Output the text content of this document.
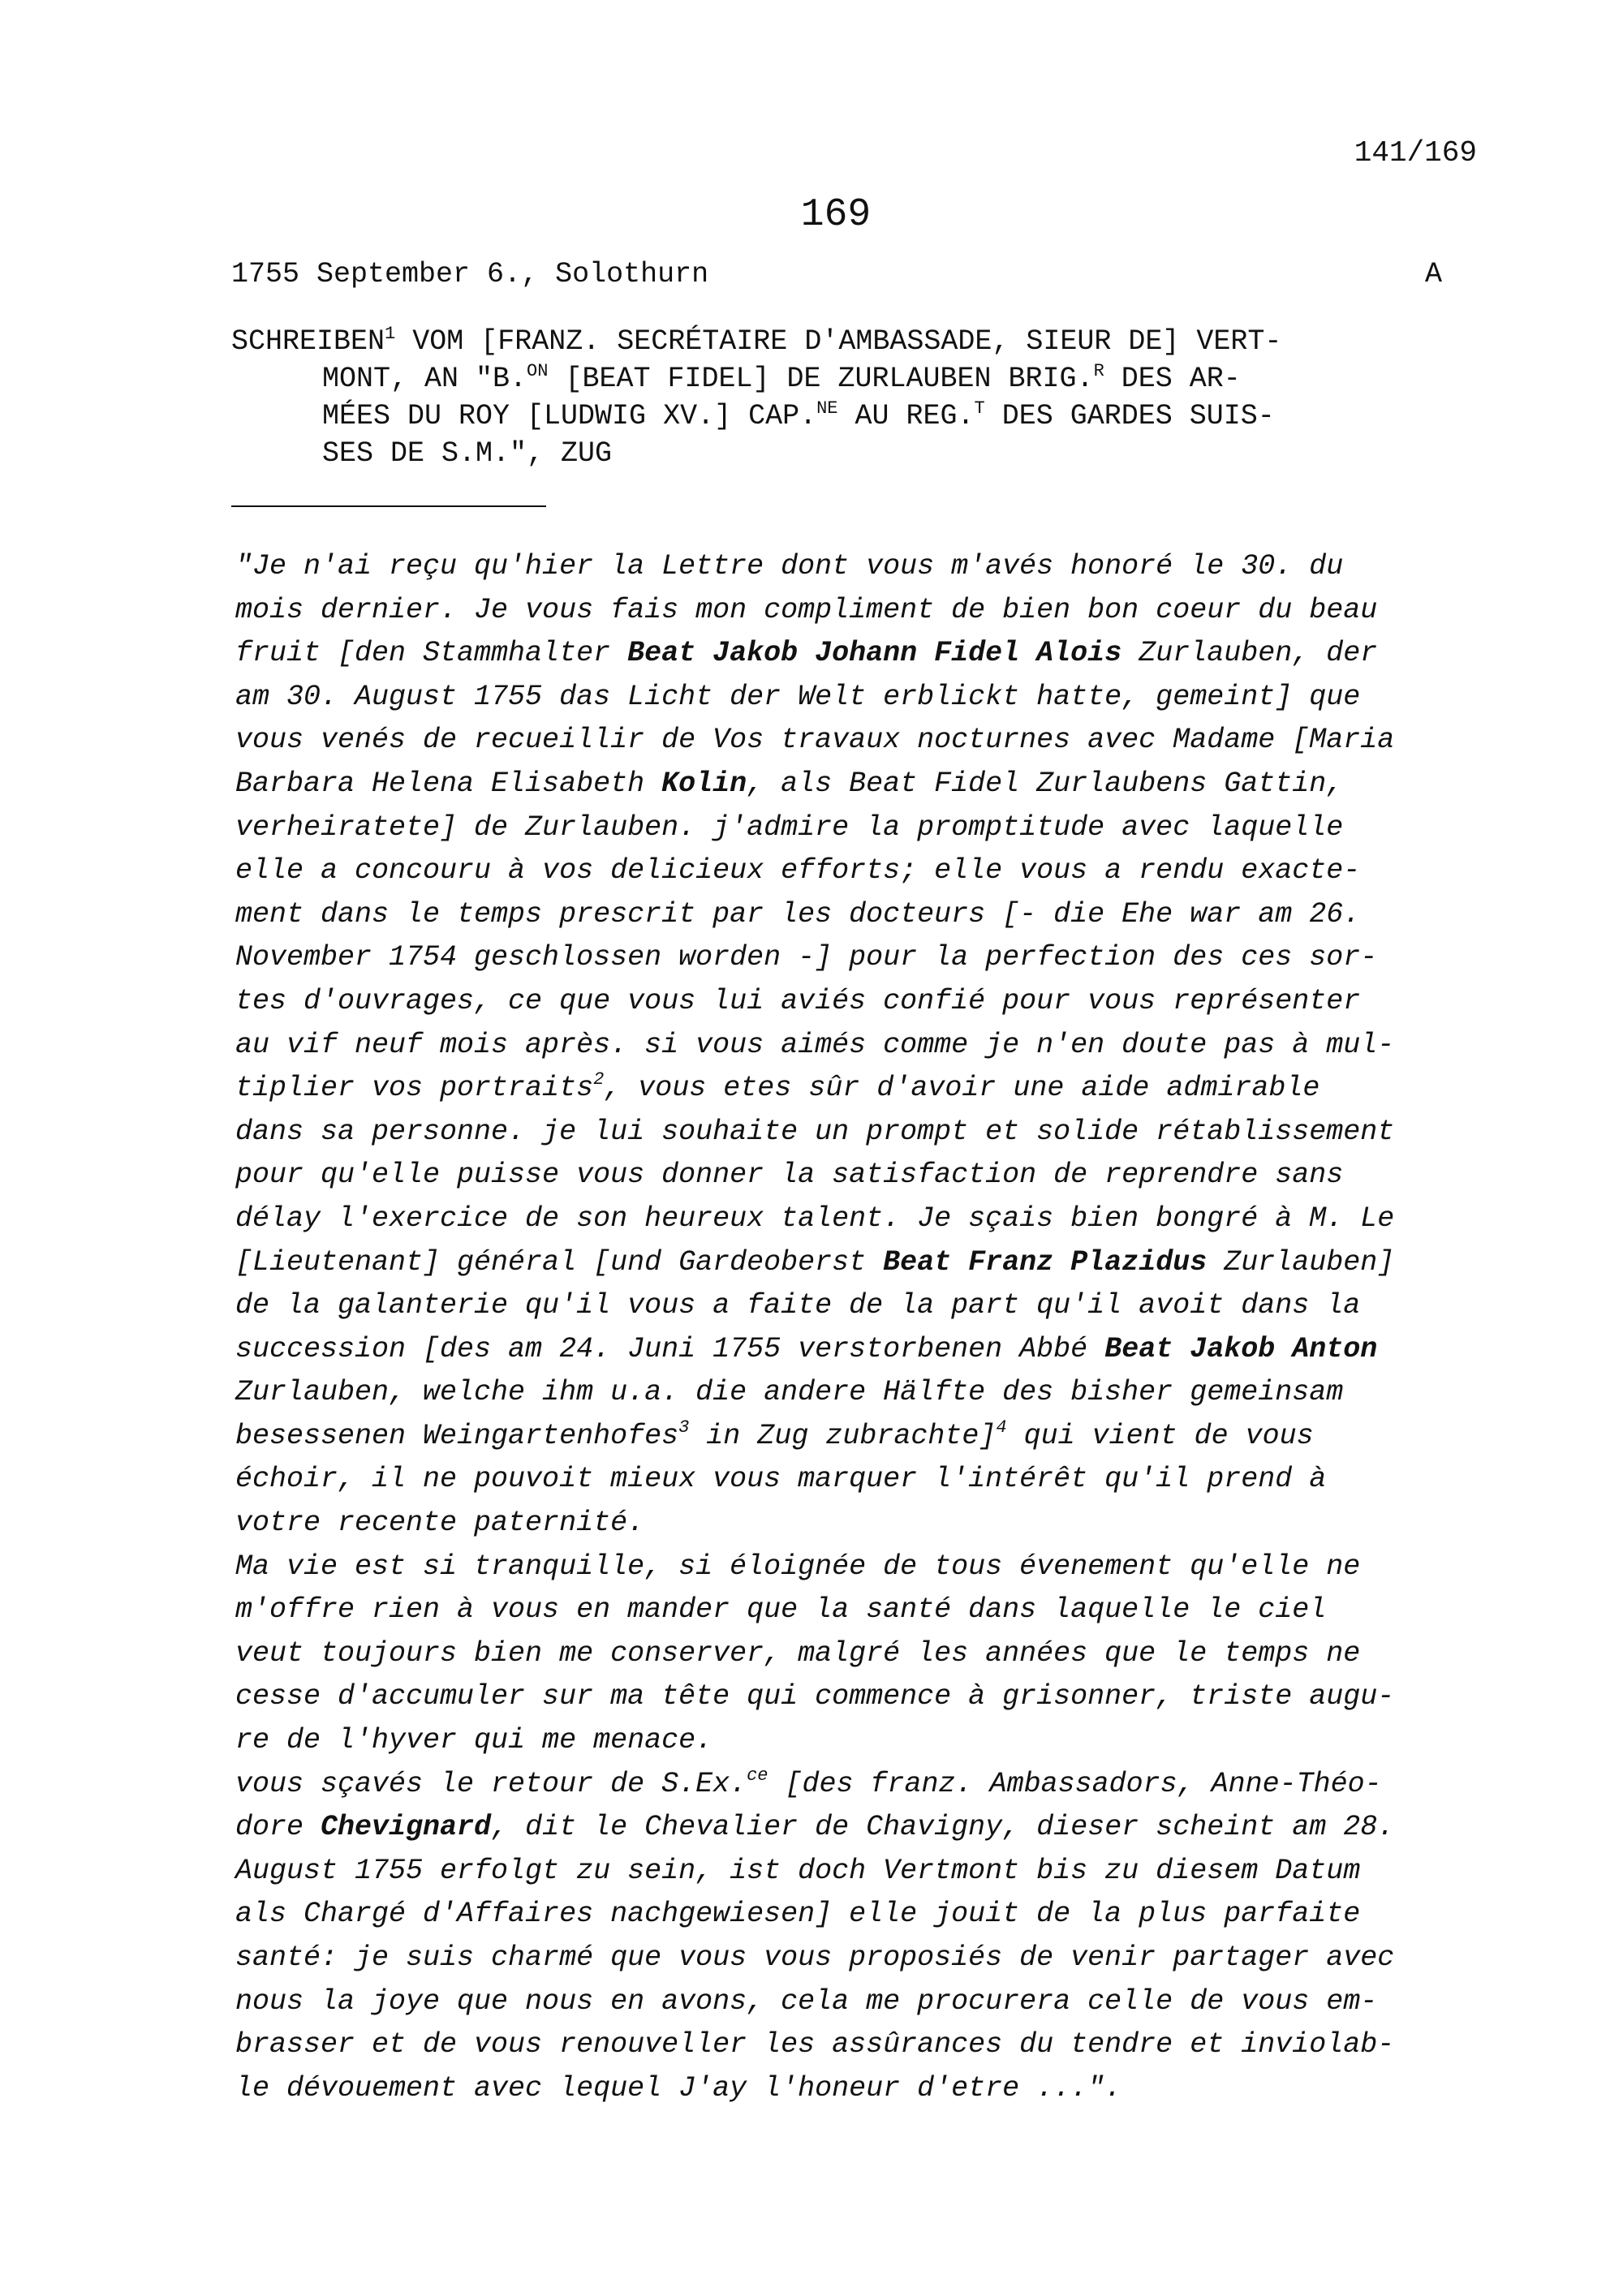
141/169
169
1755 September 6., Solothurn	A
SCHREIBEN$^1$ VOM [FRANZ. SECRÉTAIRE D'AMBASSADE, SIEUR DE] VERT-
MONT, AN "B.$^{ON}$ [BEAT FIDEL] DE ZURLAUBEN BRIG.$^R$ DES AR-
MÉES DU ROY [LUDWIG XV.] CAP.$^{NE}$ AU REG.$^T$ DES GARDES SUIS-
SES DE S.M.", ZUG
"Je n'ai reçu qu'hier la Lettre dont vous m'avés honoré le 30. du
mois dernier. Je vous fais mon compliment de bien bon coeur du beau
fruit [den Stammhalter Beat Jakob Johann Fidel Alois Zurlauben, der
am 30. August 1755 das Licht der Welt erblickt hatte, gemeint] que
vous venés de recueillir de Vos travaux nocturnes avec Madame [Maria
Barbara Helena Elisabeth Kolin, als Beat Fidel Zurlaubens Gattin,
verheiratete] de Zurlauben. j'admire la promptitude avec laquelle
elle a concouru à vos delicieux efforts; elle vous a rendu exacte-
ment dans le temps prescrit par les docteurs [- die Ehe war am 26.
November 1754 geschlossen worden -] pour la perfection des ces sor-
tes d'ouvrages, ce que vous lui aviés confié pour vous représenter
au vif neuf mois après. si vous aimés comme je n'en doute pas à mul-
tiplier vos portraits$^2$, vous etes sûr d'avoir une aide admirable
dans sa personne. je lui souhaite un prompt et solide rétablissement
pour qu'elle puisse vous donner la satisfaction de reprendre sans
délay l'exercice de son heureux talent. Je sçais bien bongré à M. Le
[Lieutenant] général [und Gardeoberst Beat Franz Plazidus Zurlauben]
de la galanterie qu'il vous a faite de la part qu'il avoit dans la
succession [des am 24. Juni 1755 verstorbenen Abbé Beat Jakob Anton
Zurlauben, welche ihm u.a. die andere Hälfte des bisher gemeinsam
besessenen Weingartenhofes$^3$ in Zug zubrachte]$^4$ qui vient de vous
échoir, il ne pouvoit mieux vous marquer l'intérêt qu'il prend à
votre recente paternité.
Ma vie est si tranquille, si éloignée de tous évenement qu'elle ne
m'offre rien à vous en mander que la santé dans laquelle le ciel
veut toujours bien me conserver, malgré les années que le temps ne
cesse d'accumuler sur ma tête qui commence à grisonner, triste augu-
re de l'hyver qui me menace.
vous sçavés le retour de S.Ex.$^{ce}$ [des franz. Ambassadors, Anne-Théo-
dore Chevignard, dit le Chevalier de Chavigny, dieser scheint am 28.
August 1755 erfolgt zu sein, ist doch Vertmont bis zu diesem Datum
als Chargé d'Affaires nachgewiesen] elle jouit de la plus parfaite
santé: je suis charmé que vous vous proposiés de venir partager avec
nous la joye que nous en avons, cela me procurera celle de vous em-
brasser et de vous renouveller les assûrances du tendre et inviolab-
le dévouement avec lequel J'ay l'honeur d'etre ...".
